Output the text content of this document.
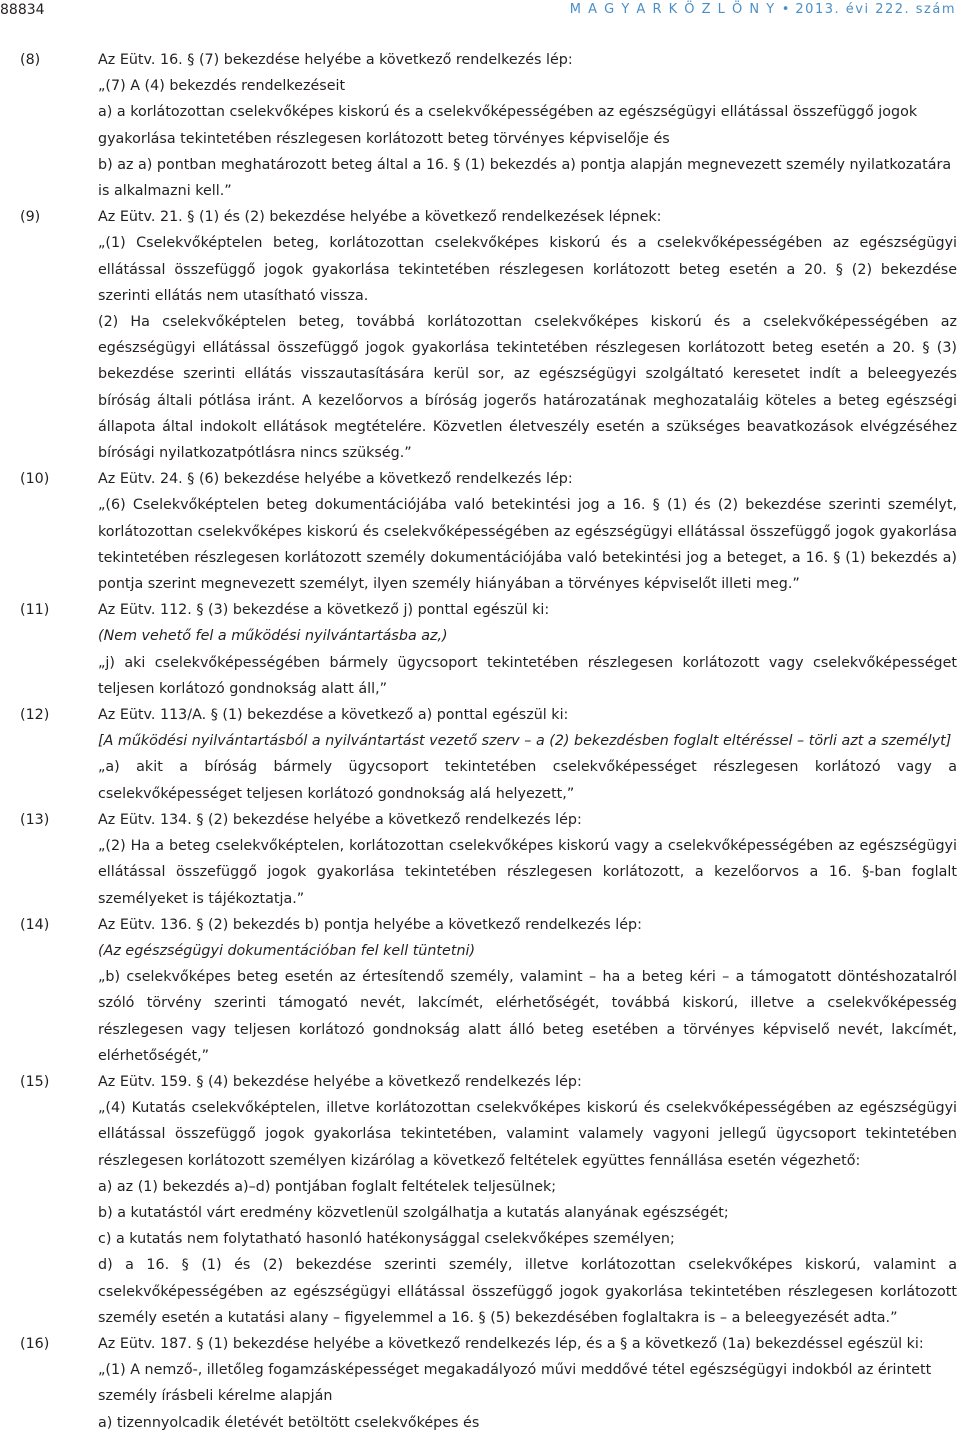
88834	M A G Y A R K Ö Z L Ö N Y • 2013. évi 222. szám
(8)	Az Eütv. 16. § (7) bekezdése helyébe a következő rendelkezés lép:
„(7) A (4) bekezdés rendelkezéseit
a) a korlátozottan cselekvőképes kiskorú és a cselekvőképességében az egészségügyi ellátással összefüggő jogok gyakorlása tekintetében részlegesen korlátozott beteg törvényes képviselője és
b) az a) pontban meghatározott beteg által a 16. § (1) bekezdés a) pontja alapján megnevezett személy nyilatkozatára is alkalmazni kell.”
(9)	Az Eütv. 21. § (1) és (2) bekezdése helyébe a következő rendelkezések lépnek:
„(1) Cselekvőképtelen beteg, korlátozottan cselekvőképes kiskorú és a cselekvőképességében az egészségügyi ellátással összefüggő jogok gyakorlása tekintetében részlegesen korlátozott beteg esetén a 20. § (2) bekezdése szerinti ellátás nem utasítható vissza.
(2) Ha cselekvőképtelen beteg, továbbá korlátozottan cselekvőképes kiskorú és a cselekvőképességében az egészségügyi ellátással összefüggő jogok gyakorlása tekintetében részlegesen korlátozott beteg esetén a 20. § (3) bekezdése szerinti ellátás visszautasítására kerül sor, az egészségügyi szolgáltató keresetet indít a beleegyezés bíróság általi pótlása iránt. A kezelőorvos a bíróság jogerős határozatának meghozataláig köteles a beteg egészségi állapota által indokolt ellátások megtételére. Közvetlen életveszély esetén a szükséges beavatkozások elvégzéséhez bírósági nyilatkozatpótlásra nincs szükség.”
(10)	Az Eütv. 24. § (6) bekezdése helyébe a következő rendelkezés lép:
„(6) Cselekvőképtelen beteg dokumentációjába való betekintési jog a 16. § (1) és (2) bekezdése szerinti személyt, korlátozottan cselekvőképes kiskorú és cselekvőképességében az egészségügyi ellátással összefüggő jogok gyakorlása tekintetében részlegesen korlátozott személy dokumentációjába való betekintési jog a beteget, a 16. § (1) bekezdés a) pontja szerint megnevezett személyt, ilyen személy hiányában a törvényes képviselőt illeti meg.”
(11)	Az Eütv. 112. § (3) bekezdése a következő j) ponttal egészül ki:
(Nem vehető fel a működési nyilvántartásba az,)
„j) aki cselekvőképességében bármely ügycsoport tekintetében részlegesen korlátozott vagy cselekvőképességet teljesen korlátozó gondnokság alatt áll,”
(12)	Az Eütv. 113/A. § (1) bekezdése a következő a) ponttal egészül ki:
[A működési nyilvántartásból a nyilvántartást vezető szerv – a (2) bekezdésben foglalt eltéréssel – törli azt a személyt]
„a) akit a bíróság bármely ügycsoport tekintetében cselekvőképességet részlegesen korlátozó vagy a cselekvőképességet teljesen korlátozó gondnokság alá helyezett,”
(13)	Az Eütv. 134. § (2) bekezdése helyébe a következő rendelkezés lép:
„(2) Ha a beteg cselekvőképtelen, korlátozottan cselekvőképes kiskorú vagy a cselekvőképességében az egészségügyi ellátással összefüggő jogok gyakorlása tekintetében részlegesen korlátozott, a kezelőorvos a 16. §-ban foglalt személyeket is tájékoztatja.”
(14)	Az Eütv. 136. § (2) bekezdés b) pontja helyébe a következő rendelkezés lép:
(Az egészségügyi dokumentációban fel kell tüntetni)
„b) cselekvőképes beteg esetén az értesítendő személy, valamint – ha a beteg kéri – a támogatott döntéshozatalról szóló törvény szerinti támogató nevét, lakcímét, elérhetőségét, továbbá kiskorú, illetve a cselekvőképesség részlegesen vagy teljesen korlátozó gondnokság alatt álló beteg esetében a törvényes képviselő nevét, lakcímét, elérhetőségét,”
(15)	Az Eütv. 159. § (4) bekezdése helyébe a következő rendelkezés lép:
„(4) Kutatás cselekvőképtelen, illetve korlátozottan cselekvőképes kiskorú és cselekvőképességében az egészségügyi ellátással összefüggő jogok gyakorlása tekintetében, valamint valamely vagyoni jellegű ügycsoport tekintetében részlegesen korlátozott személyen kizárólag a következő feltételek együttes fennállása esetén végezhető:
a) az (1) bekezdés a)–d) pontjában foglalt feltételek teljesülnek;
b) a kutatástól várt eredmény közvetlenül szolgálhatja a kutatás alanyának egészségét;
c) a kutatás nem folytatható hasonló hatékonysággal cselekvőképes személyen;
d) a 16. § (1) és (2) bekezdése szerinti személy, illetve korlátozottan cselekvőképes kiskorú, valamint a cselekvőképességében az egészségügyi ellátással összefüggő jogok gyakorlása tekintetében részlegesen korlátozott személy esetén a kutatási alany – figyelemmel a 16. § (5) bekezdésében foglaltakra is – a beleegyezését adta.”
(16)	Az Eütv. 187. § (1) bekezdése helyébe a következő rendelkezés lép, és a § a következő (1a) bekezdéssel egészül ki:
„(1) A nemző-, illetőleg fogamzásképességet megakadályozó művi meddővé tétel egészségügyi indokból az érintett személy írásbeli kérelme alapján
a) tizennyolcadik életévét betöltött cselekvőképes és
